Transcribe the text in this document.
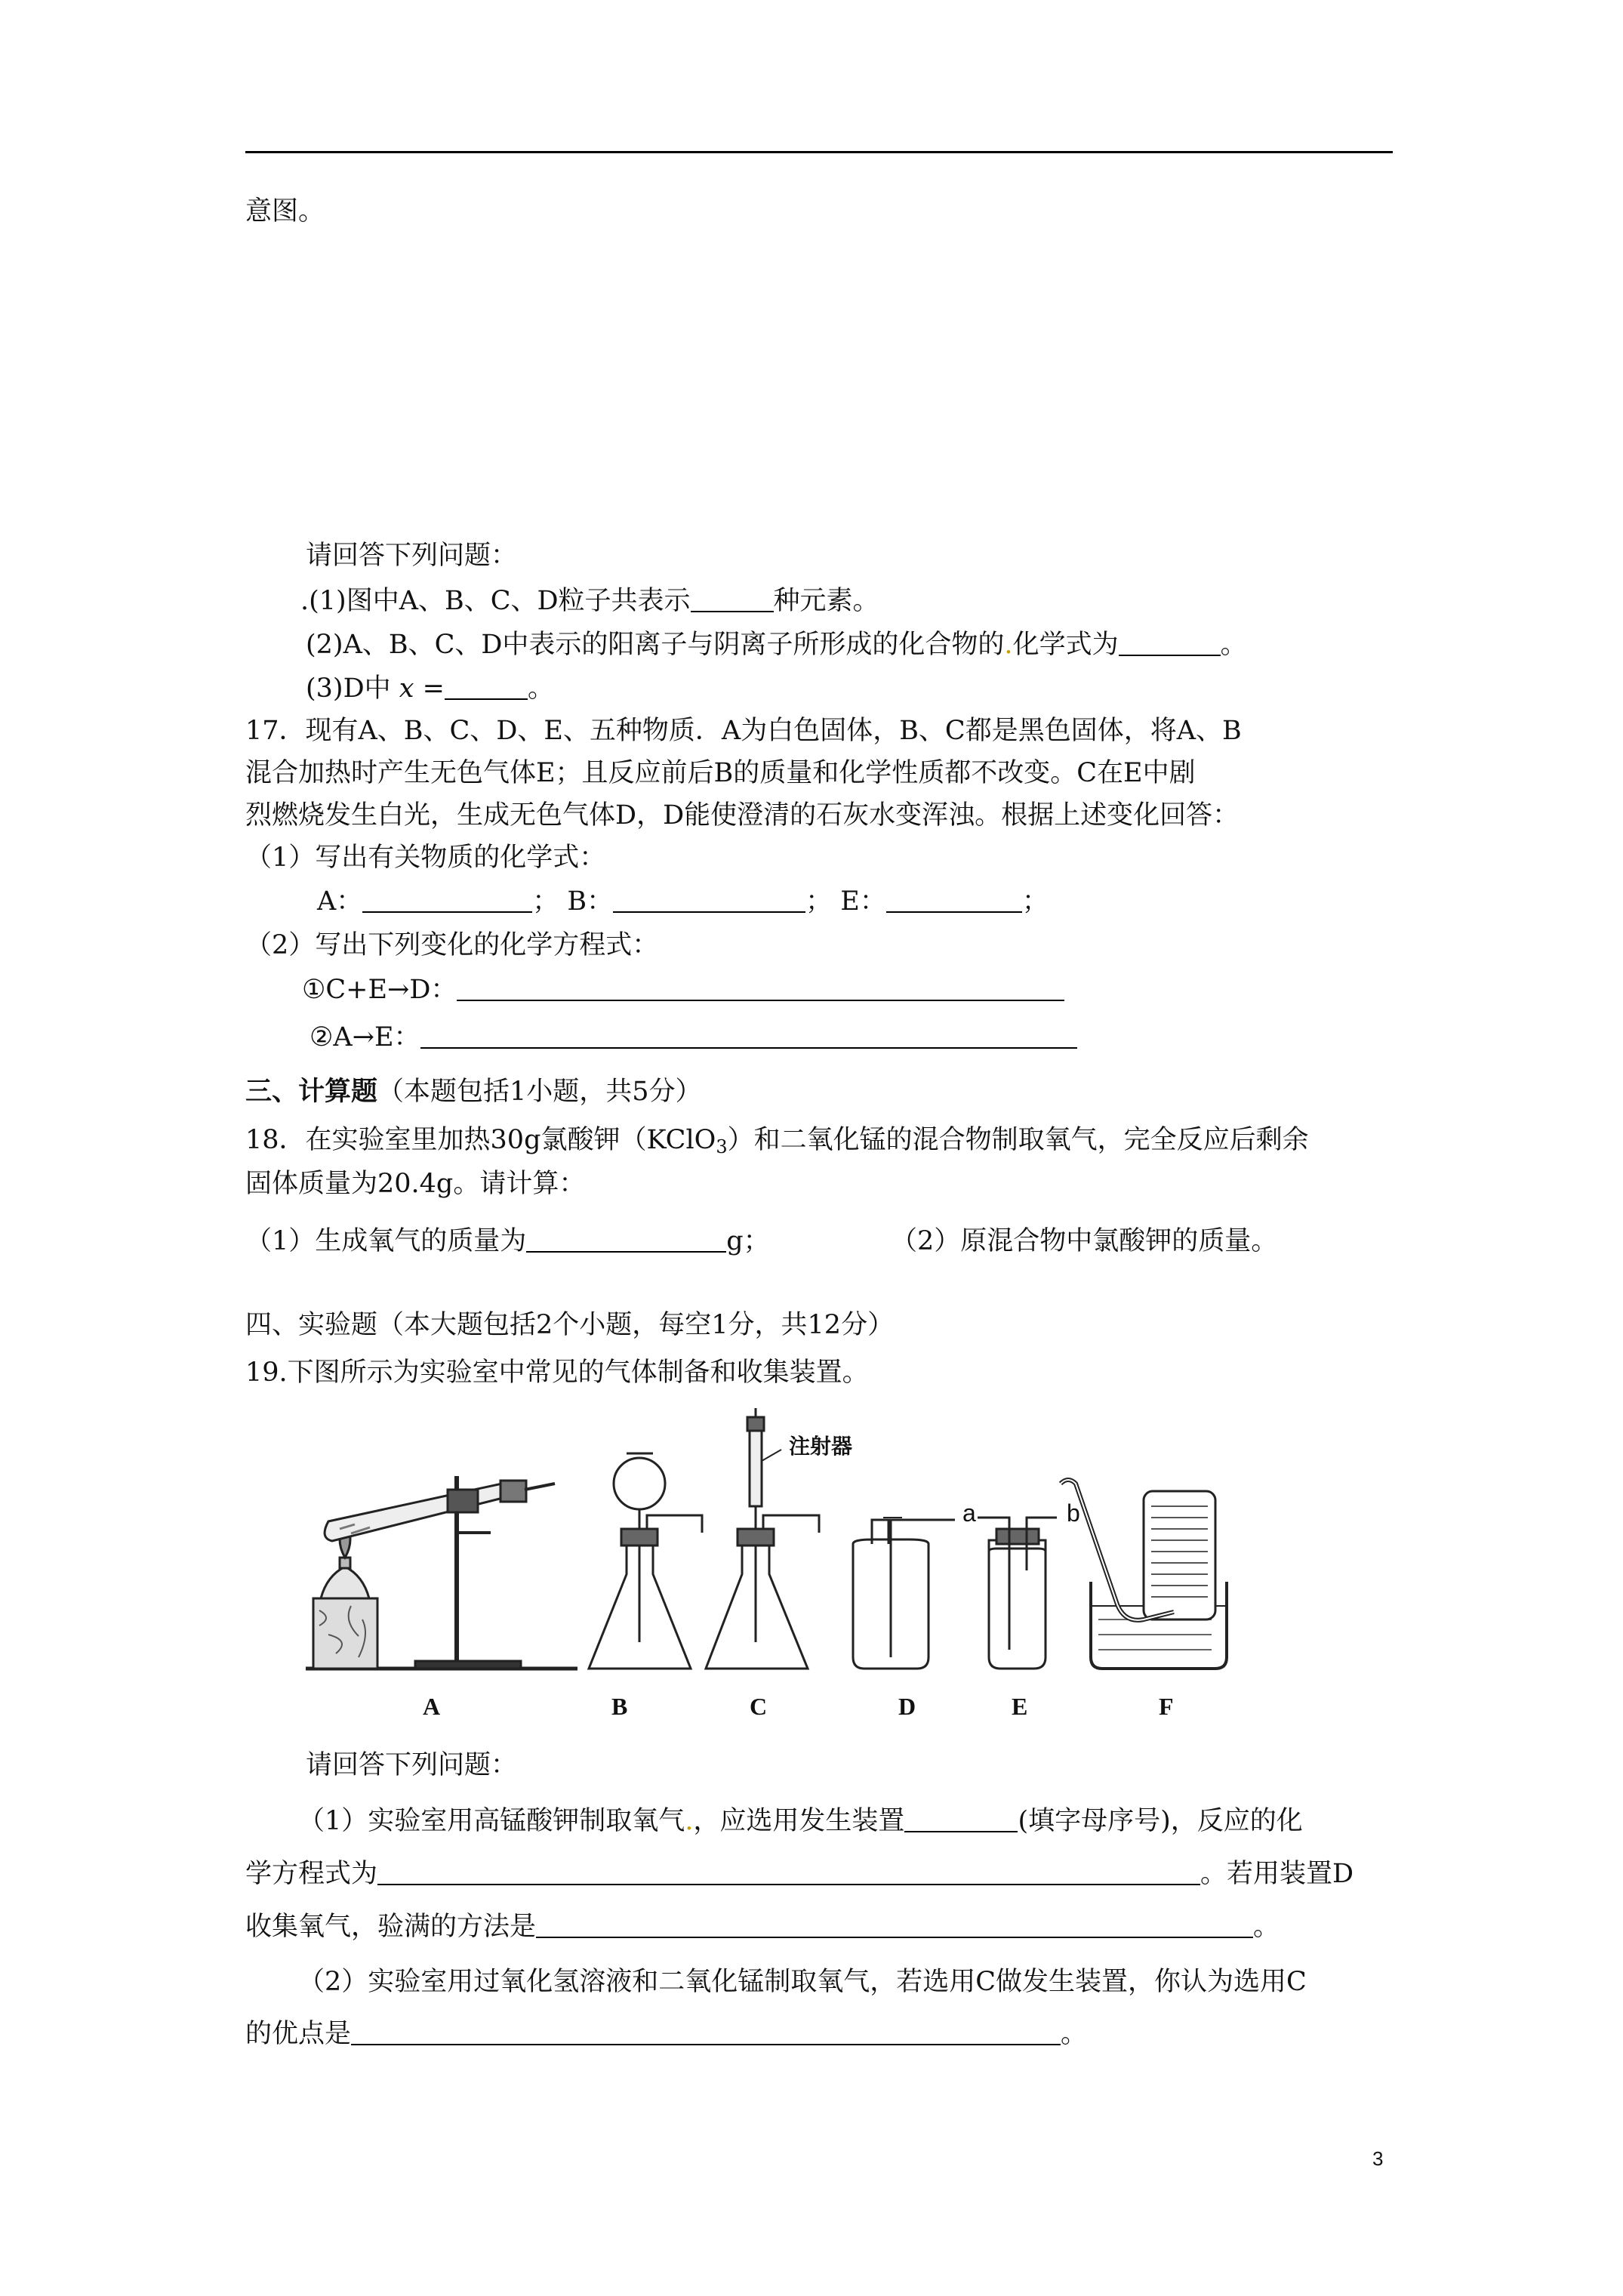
意图。
请回答下列问题：
.(1)图中A、B、C、D粒子共表示	种元素。
(2)A、B、C、D中表示的阳离子与阴离子所形成的化合物的.化学式为	。
(3)D中 x =	。
17．现有A、B、C、D、E、五种物质．A为白色固体，B、C都是黑色固体，将A、B
混合加热时产生无色气体E；且反应前后B的质量和化学性质都不改变。C在E中剧
烈燃烧发生白光，生成无色气体D，D能使澄清的石灰水变浑浊。根据上述变化回答：
（1）写出有关物质的化学式：
A：	； B：	； E：	；
（2）写出下列变化的化学方程式：
①C+E→D：
②A→E：
三、计算题（本题包括1小题，共5分）
18．在实验室里加热30g氯酸钾（KClO$_3$）和二氧化锰的混合物制取氧气，完全反应后剩余
固体质量为20.4g。请计算：
（1）生成氧气的质量为	g；	（2）原混合物中氯酸钾的质量。
四、实验题（本大题包括2个小题，每空1分，共12分）
19.下图所示为实验室中常见的气体制备和收集装置。
注射器
a	b
A	B	C	D	E	F
请回答下列问题：
（1）实验室用高锰酸钾制取氧气.，应选用发生装置	(填字母序号)，反应的化
学方程式为	。若用装置D
收集氧气，验满的方法是	。
（2）实验室用过氧化氢溶液和二氧化锰制取氧气，若选用C做发生装置，你认为选用C
的优点是	。
3
